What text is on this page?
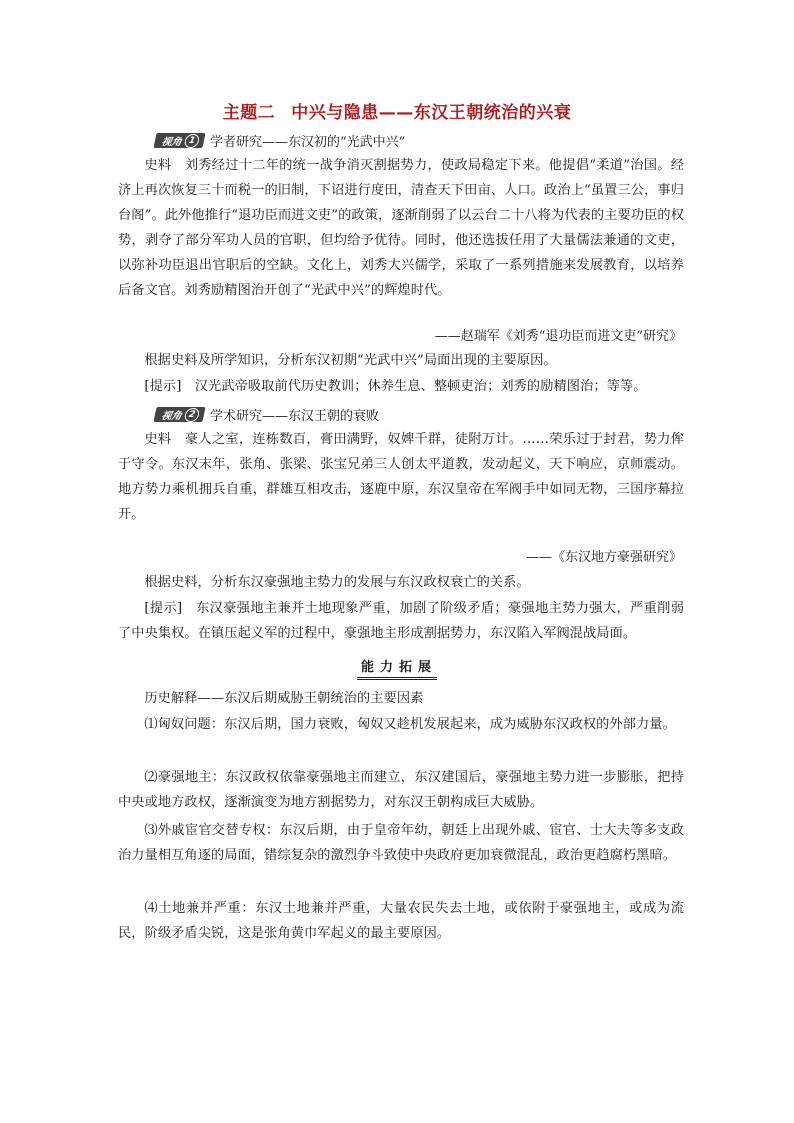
主题二 中兴与隐患——东汉王朝统治的兴衰
视角 1	学者研究——东汉初的“光武中兴”
史料　刘秀经过十二年的统一战争消灭割据势力，使政局稳定下来。他提倡“柔道”治国。经济上再次恢复三十而税一的旧制，下诏进行度田，清查天下田亩、人口。政治上“虽置三公，事归台阁”。此外他推行“退功臣而进文吏”的政策，逐渐削弱了以云台二十八将为代表的主要功臣的权势，剥夺了部分军功人员的官职，但均给予优待。同时，他还选拔任用了大量儒法兼通的文吏，以弥补功臣退出官职后的空缺。文化上，刘秀大兴儒学，采取了一系列措施来发展教育，以培养后备文官。刘秀励精图治开创了“光武中兴”的辉煌时代。
——赵瑞军《刘秀“退功臣而进文吏”研究》
根据史料及所学知识，分析东汉初期“光武中兴”局面出现的主要原因。
[提示]　汉光武帝吸取前代历史教训；休养生息、整顿吏治；刘秀的励精图治；等等。
视角 2	学术研究——东汉王朝的衰败
史料　豪人之室，连栋数百，膏田满野，奴婢千群，徒附万计。……荣乐过于封君，势力侔于守令。东汉末年，张角、张梁、张宝兄弟三人创太平道教，发动起义，天下响应，京师震动。地方势力乘机拥兵自重，群雄互相攻击，逐鹿中原，东汉皇帝在军阀手中如同无物，三国序幕拉开。
——《东汉地方豪强研究》
根据史料，分析东汉豪强地主势力的发展与东汉政权衰亡的关系。
[提示]　东汉豪强地主兼并土地现象严重，加剧了阶级矛盾；豪强地主势力强大，严重削弱了中央集权。在镇压起义军的过程中，豪强地主形成割据势力，东汉陷入军阀混战局面。
能力拓展
历史解释——东汉后期威胁王朝统治的主要因素
⑴匈奴问题：东汉后期，国力衰败，匈奴又趁机发展起来，成为威胁东汉政权的外部力量。
⑵豪强地主：东汉政权依靠豪强地主而建立，东汉建国后，豪强地主势力进一步膨胀，把持中央或地方政权，逐渐演变为地方割据势力，对东汉王朝构成巨大威胁。
⑶外戚宦官交替专权：东汉后期，由于皇帝年幼，朝廷上出现外戚、宦官、士大夫等多支政治力量相互角逐的局面，错综复杂的激烈争斗致使中央政府更加衰微混乱，政治更趋腐朽黑暗。
⑷土地兼并严重：东汉土地兼并严重，大量农民失去土地，或依附于豪强地主，或成为流民，阶级矛盾尖锐，这是张角黄巾军起义的最主要原因。
